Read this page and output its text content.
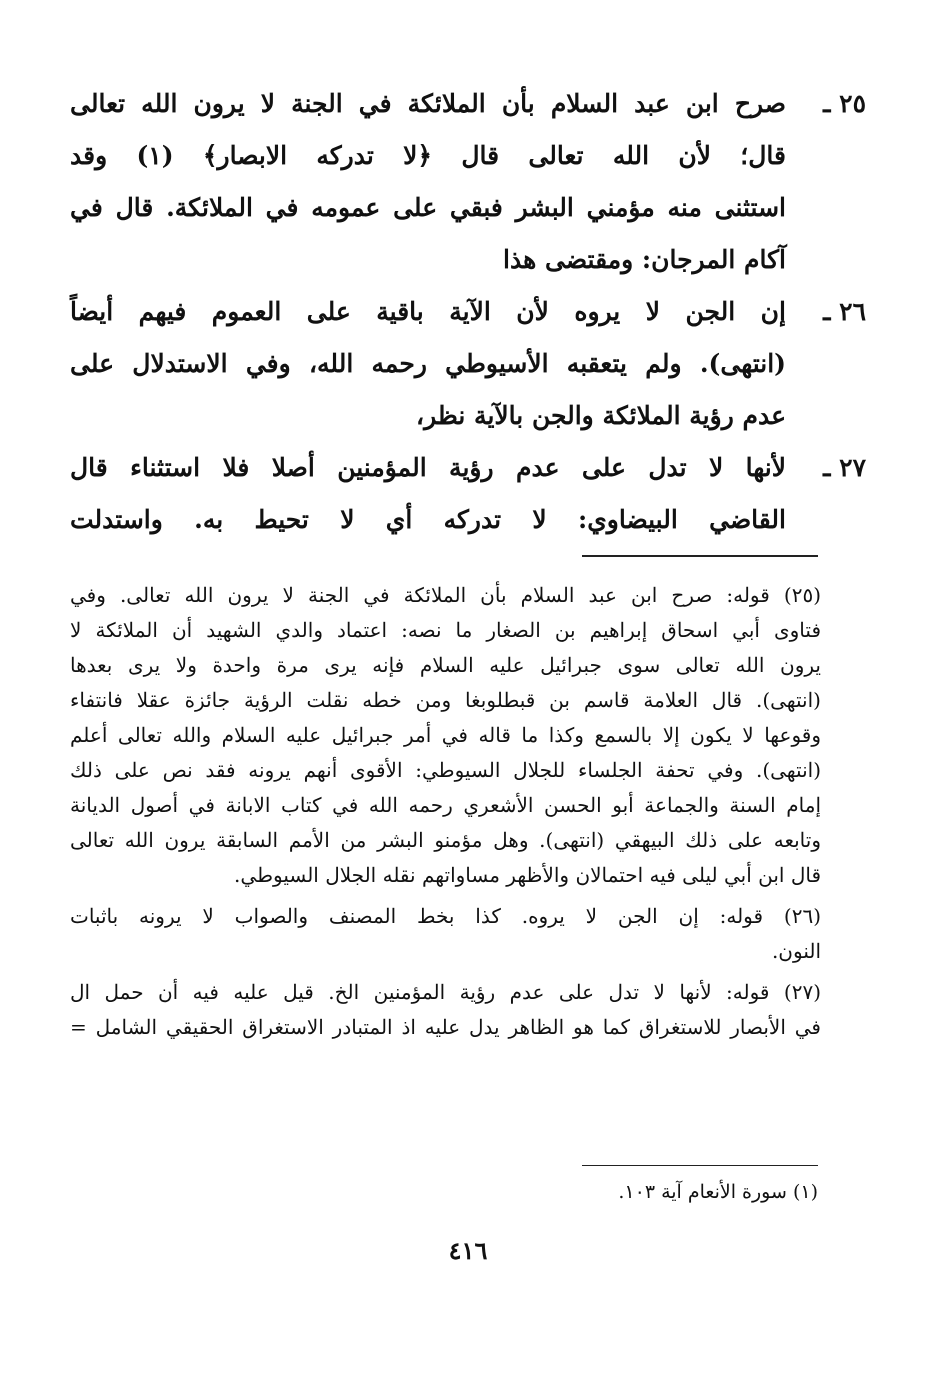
٢٥ ـ
صرح ابن عبد السلام بأن الملائكة في الجنة لا يرون الله تعالى
قال؛ لأن الله تعالى قال ﴿لا تدركه الابصار﴾ (١) وقد
استثنى منه مؤمني البشر فبقي على عمومه في الملائكة. قال في
آكام المرجان: ومقتضى هذا
٢٦ ـ
إن الجن لا يروه لأن الآية باقية على العموم فيهم أيضاً
(انتهى). ولم يتعقبه الأسيوطي رحمه الله، وفي الاستدلال على
عدم رؤية الملائكة والجن بالآية نظر،
٢٧ ـ
لأنها لا تدل على عدم رؤية المؤمنين أصلا فلا استثناء قال
القاضي البيضاوي: لا تدركه أي لا تحيط به. واستدلت
(٢٥) قوله: صرح ابن عبد السلام بأن الملائكة في الجنة لا يرون الله تعالى. وفي
فتاوى أبي اسحاق إبراهيم بن الصغار ما نصه: اعتماد والدي الشهيد أن الملائكة لا
يرون الله تعالى سوى جبرائيل عليه السلام فإنه يرى مرة واحدة ولا يرى بعدها
(انتهى). قال العلامة قاسم بن قبطلوبغا ومن خطه نقلت الرؤية جائزة عقلا فانتفاء
وقوعها لا يكون إلا بالسمع وكذا ما قاله في أمر جبرائيل عليه السلام والله تعالى أعلم
(انتهى). وفي تحفة الجلساء للجلال السيوطي: الأقوى أنهم يرونه فقد نص على ذلك
إمام السنة والجماعة أبو الحسن الأشعري رحمه الله في كتاب الابانة في أصول الديانة
وتابعه على ذلك البيهقي (انتهى). وهل مؤمنو البشر من الأمم السابقة يرون الله تعالى
قال ابن أبي ليلى فيه احتمالان والأظهر مساواتهم نقله الجلال السيوطي.
(٢٦) قوله: إن الجن لا يروه. كذا بخط المصنف والصواب لا يرونه باثبات
النون.
(٢٧) قوله: لأنها لا تدل على عدم رؤية المؤمنين الخ. قيل عليه فيه أن حمل ال
في الأبصار للاستغراق كما هو الظاهر يدل عليه اذ المتبادر الاستغراق الحقيقي الشامل =
(١) سورة الأنعام آية ١٠٣.
٤١٦
